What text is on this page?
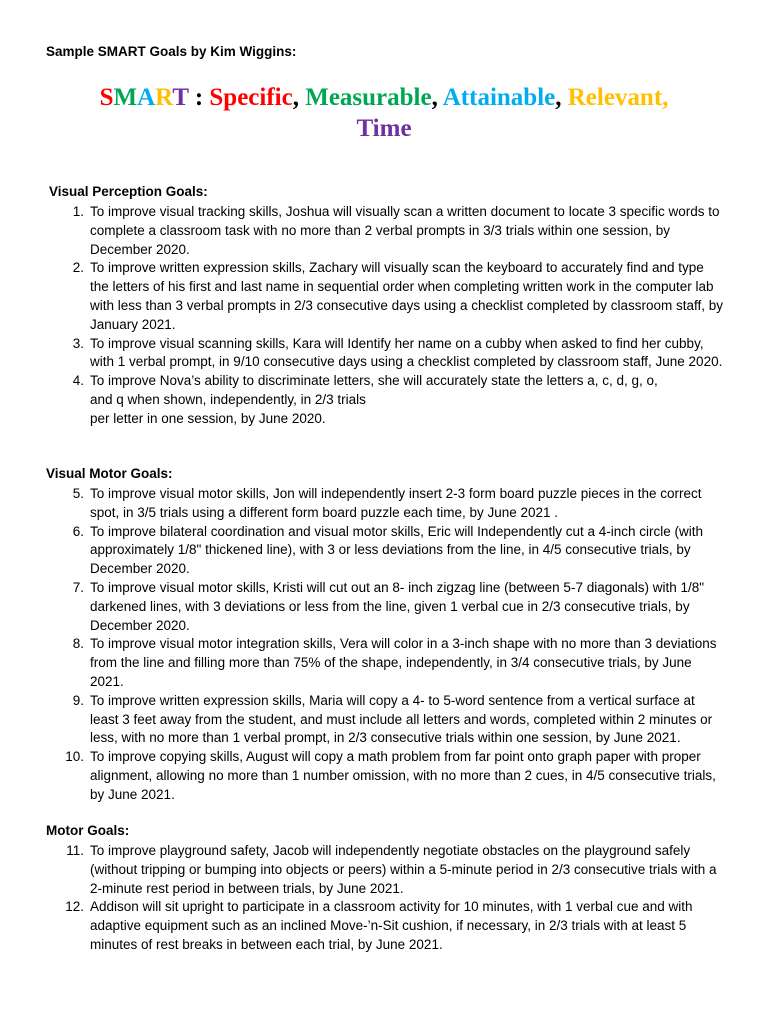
Sample SMART Goals by Kim Wiggins:

SMART : Specific, Measurable, Attainable, Relevant,
Time
Visual Perception Goals:
1. To improve visual tracking skills, Joshua will visually scan a written document to locate 3 specific words to complete a classroom task with no more than 2 verbal prompts in 3/3 trials within one session, by December 2020.
2. To improve written expression skills, Zachary will visually scan the keyboard to accurately find and type the letters of his first and last name in sequential order when completing written work in the computer lab with less than 3 verbal prompts in 2/3 consecutive days using a checklist completed by classroom staff, by January 2021.
3. To improve visual scanning skills, Kara will Identify her name on a cubby when asked to find her cubby, with 1 verbal prompt, in 9/10 consecutive days using a checklist completed by classroom staff, June 2020.
4. To improve Nova’s ability to discriminate letters, she will accurately state the letters a, c, d, g, o,
and q when shown, independently, in 2/3 trials
per letter in one session, by June 2020.
Visual Motor Goals:
5. To improve visual motor skills, Jon will independently insert 2-3 form board puzzle pieces in the correct spot, in 3/5 trials using a different form board puzzle each time, by June 2021 .
6. To improve bilateral coordination and visual motor skills, Eric will Independently cut a 4-inch circle (with approximately 1/8" thickened line), with 3 or less deviations from the line, in 4/5 consecutive trials, by December 2020.
7. To improve visual motor skills, Kristi will cut out an 8- inch zigzag line (between 5-7 diagonals) with 1/8" darkened lines, with 3 deviations or less from the line, given 1 verbal cue in 2/3 consecutive trials, by December 2020.
8. To improve visual motor integration skills, Vera will color in a 3-inch shape with no more than 3 deviations from the line and filling more than 75% of the shape, independently, in 3/4 consecutive trials, by June 2021.
9. To improve written expression skills, Maria will copy a 4- to 5-word sentence from a vertical surface at least 3 feet away from the student, and must include all letters and words, completed within 2 minutes or less, with no more than 1 verbal prompt, in 2/3 consecutive trials within one session, by June 2021.
10. To improve copying skills, August will copy a math problem from far point onto graph paper with proper alignment, allowing no more than 1 number omission, with no more than 2 cues, in 4/5 consecutive trials, by June 2021.
Motor Goals:
11. To improve playground safety, Jacob will independently negotiate obstacles on the playground safely (without tripping or bumping into objects or peers) within a 5-minute period in 2/3 consecutive trials with a 2-minute rest period in between trials, by June 2021.
12. Addison will sit upright to participate in a classroom activity for 10 minutes, with 1 verbal cue and with adaptive equipment such as an inclined Move-’n-Sit cushion, if necessary, in 2/3 trials with at least 5 minutes of rest breaks in between each trial, by June 2021.
